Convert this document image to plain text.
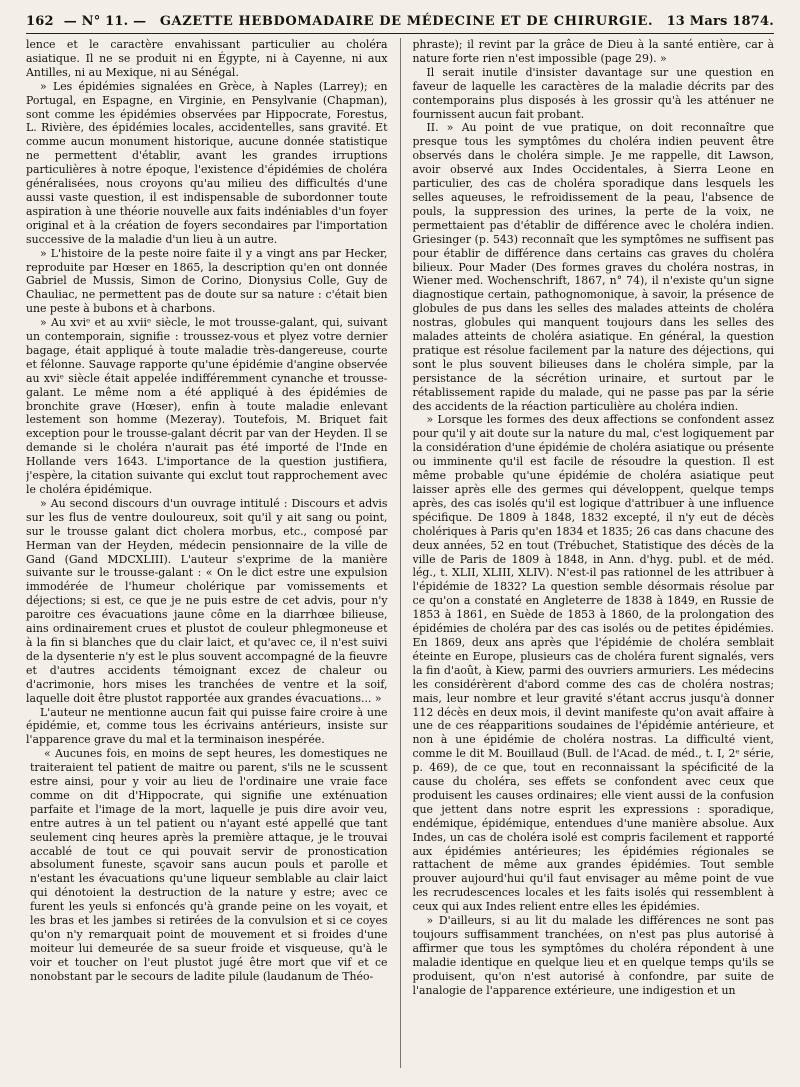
162 — N° 11. —	GAZETTE HEBDOMADAIRE DE MÉDECINE ET DE CHIRURGIE.	13 Mars 1874.

lence et le caractère envahissant particulier au choléra asiatique. Il ne se produit ni en Égypte, ni à Cayenne, ni aux Antilles, ni au Mexique, ni au Sénégal.

» Les épidémies signalées en Grèce, à Naples (Larrey); en Portugal, en Espagne, en Virginie, en Pensylvanie (Chapman), sont comme les épidémies observées par Hippocrate, Forestus, L. Rivière, des épidémies locales, accidentelles, sans gravité. Et comme aucun monument historique, aucune donnée statistique ne permettent d'établir, avant les grandes irruptions particulières à notre époque, l'existence d'épidémies de choléra généralisées, nous croyons qu'au milieu des difficultés d'une aussi vaste question, il est indispensable de subordonner toute aspiration à une théorie nouvelle aux faits indéniables d'un foyer original et à la création de foyers secondaires par l'importation successive de la maladie d'un lieu à un autre.

» L'histoire de la peste noire faite il y a vingt ans par Hecker, reproduite par Hœser en 1865, la description qu'en ont donnée Gabriel de Mussis, Simon de Corino, Dionysius Colle, Guy de Chauliac, ne permettent pas de doute sur sa nature : c'était bien une peste à bubons et à charbons.

» Au xviᵉ et au xviiᵉ siècle, le mot trousse-galant, qui, suivant un contemporain, signifie : troussez-vous et plyez votre dernier bagage, était appliqué à toute maladie très-dangereuse, courte et félonne. Sauvage rapporte qu'une épidémie d'angine observée au xviᵉ siècle était appelée indifféremment cynanche et trousse-galant. Le même nom a été appliqué à des épidémies de bronchite grave (Hœser), enfin à toute maladie enlevant lestement son homme (Mezeray). Toutefois, M. Briquet fait exception pour le trousse-galant décrit par van der Heyden. Il se demande si le choléra n'aurait pas été importé de l'Inde en Hollande vers 1643. L'importance de la question justifiera, j'espère, la citation suivante qui exclut tout rapprochement avec le choléra épidémique.

» Au second discours d'un ouvrage intitulé : Discours et advis sur les flus de ventre douloureux, soit qu'il y ait sang ou point, sur le trousse galant dict cholera morbus, etc., composé par Herman van der Heyden, médecin pensionnaire de la ville de Gand (Gand MDCXLIII). L'auteur s'exprime de la manière suivante sur le trousse-galant : « On le dict estre une expulsion immodérée de l'humeur cholérique par vomissements et déjections; si est, ce que je ne puis estre de cet advis, pour n'y paroitre ces évacuations jaune côme en la diarrhœe bilieuse, ains ordinairement crues et plustot de couleur phlegmoneuse et à la fin si blanches que du clair laict, et qu'avec ce, il n'est suivi de la dysenterie n'y est le plus souvent accompagné de la fieuvre et d'autres accidents témoignant excez de chaleur ou d'acrimonie, hors mises les tranchées de ventre et la soif, laquelle doit être plustot rapportée aux grandes évacuations... »

L'auteur ne mentionne aucun fait qui puisse faire croire à une épidémie, et, comme tous les écrivains antérieurs, insiste sur l'apparence grave du mal et la terminaison inespérée.

« Aucunes fois, en moins de sept heures, les domestiques ne traiteraient tel patient de maitre ou parent, s'ils ne le scussent estre ainsi, pour y voir au lieu de l'ordinaire une vraie face comme on dit d'Hippocrate, qui signifie une exténuation parfaite et l'image de la mort, laquelle je puis dire avoir veu, entre autres à un tel patient ou n'ayant esté appellé que tant seulement cinq heures après la première attaque, je le trouvai accablé de tout ce qui pouvait servir de pronostication absolument funeste, sçavoir sans aucun pouls et parolle et n'estant les évacuations qu'une liqueur semblable au clair laict qui dénotoient la destruction de la nature y estre; avec ce furent les yeuls si enfoncés qu'à grande peine on les voyait, et les bras et les jambes si retirées de la convulsion et si ce coyes qu'on n'y remarquait point de mouvement et si froides d'une moiteur lui demeurée de sa sueur froide et visqueuse, qu'à le voir et toucher on l'eut plustot jugé être mort que vif et ce nonobstant par le secours de ladite pilule (laudanum de Théo-

phraste); il revint par la grâce de Dieu à la santé entière, car à nature forte rien n'est impossible (page 29). »

Il serait inutile d'insister davantage sur une question en faveur de laquelle les caractères de la maladie décrits par des contemporains plus disposés à les grossir qu'à les atténuer ne fournissent aucun fait probant.

II. » Au point de vue pratique, on doit reconnaître que presque tous les symptômes du choléra indien peuvent être observés dans le choléra simple. Je me rappelle, dit Lawson, avoir observé aux Indes Occidentales, à Sierra Leone en particulier, des cas de choléra sporadique dans lesquels les selles aqueuses, le refroidissement de la peau, l'absence de pouls, la suppression des urines, la perte de la voix, ne permettaient pas d'établir de différence avec le choléra indien. Griesinger (p. 543) reconnaît que les symptômes ne suffisent pas pour établir de différence dans certains cas graves du choléra bilieux. Pour Mader (Des formes graves du choléra nostras, in Wiener med. Wochenschrift, 1867, n° 74), il n'existe qu'un signe diagnostique certain, pathognomonique, à savoir, la présence de globules de pus dans les selles des malades atteints de choléra nostras, globules qui manquent toujours dans les selles des malades atteints de choléra asiatique. En général, la question pratique est résolue facilement par la nature des déjections, qui sont le plus souvent bilieuses dans le choléra simple, par la persistance de la sécrétion urinaire, et surtout par le rétablissement rapide du malade, qui ne passe pas par la série des accidents de la réaction particulière au choléra indien.

» Lorsque les formes des deux affections se confondent assez pour qu'il y ait doute sur la nature du mal, c'est logiquement par la considération d'une épidémie de choléra asiatique ou présente ou imminente qu'il est facile de résoudre la question. Il est même probable qu'une épidémie de choléra asiatique peut laisser après elle des germes qui développent, quelque temps après, des cas isolés qu'il est logique d'attribuer à une influence spécifique. De 1809 à 1848, 1832 excepté, il n'y eut de décès cholériques à Paris qu'en 1834 et 1835; 26 cas dans chacune des deux années, 52 en tout (Trébuchet, Statistique des décès de la ville de Paris de 1809 à 1848, in Ann. d'hyg. publ. et de méd. lég., t. XLII, XLIII, XLIV). N'est-il pas rationnel de les attribuer à l'épidémie de 1832? La question semble désormais résolue par ce qu'on a constaté en Angleterre de 1838 à 1849, en Russie de 1853 à 1861, en Suède de 1853 à 1860, de la prolongation des épidémies de choléra par des cas isolés ou de petites épidémies. En 1869, deux ans après que l'épidémie de choléra semblait éteinte en Europe, plusieurs cas de choléra furent signalés, vers la fin d'août, à Kiew, parmi des ouvriers armuriers. Les médecins les considérèrent d'abord comme des cas de choléra nostras; mais, leur nombre et leur gravité s'étant accrus jusqu'à donner 112 décès en deux mois, il devint manifeste qu'on avait affaire à une de ces réapparitions soudaines de l'épidémie antérieure, et non à une épidémie de choléra nostras. La difficulté vient, comme le dit M. Bouillaud (Bull. de l'Acad. de méd., t. I, 2ᵉ série, p. 469), de ce que, tout en reconnaissant la spécificité de la cause du choléra, ses effets se confondent avec ceux que produisent les causes ordinaires; elle vient aussi de la confusion que jettent dans notre esprit les expressions : sporadique, endémique, épidémique, entendues d'une manière absolue. Aux Indes, un cas de choléra isolé est compris facilement et rapporté aux épidémies antérieures; les épidémies régionales se rattachent de même aux grandes épidémies. Tout semble prouver aujourd'hui qu'il faut envisager au même point de vue les recrudescences locales et les faits isolés qui ressemblent à ceux qui aux Indes relient entre elles les épidémies.

» D'ailleurs, si au lit du malade les différences ne sont pas toujours suffisamment tranchées, on n'est pas plus autorisé à affirmer que tous les symptômes du choléra répondent à une maladie identique en quelque lieu et en quelque temps qu'ils se produisent, qu'on n'est autorisé à confondre, par suite de l'analogie de l'apparence extérieure, une indigestion et un
